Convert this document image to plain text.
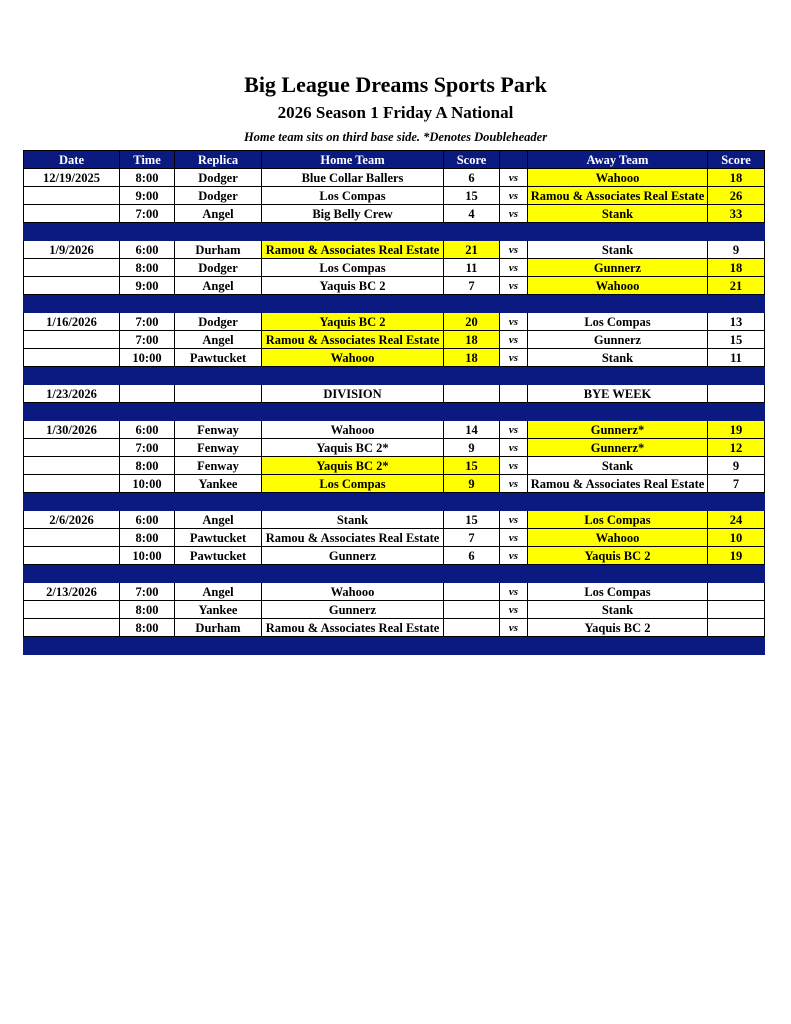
Big League Dreams Sports Park
2026 Season 1 Friday A National
Home team sits on third base side. *Denotes Doubleheader
Date	Time	Replica	Home Team	Score		Away Team	Score
12/19/2025	8:00	Dodger	Blue Collar Ballers	6	vs	Wahooo	18
	9:00	Dodger	Los Compas	15	vs	Ramou & Associates Real Estate	26
	7:00	Angel	Big Belly Crew	4	vs	Stank	33

1/9/2026	6:00	Durham	Ramou & Associates Real Estate	21	vs	Stank	9
	8:00	Dodger	Los Compas	11	vs	Gunnerz	18
	9:00	Angel	Yaquis BC 2	7	vs	Wahooo	21

1/16/2026	7:00	Dodger	Yaquis BC 2	20	vs	Los Compas	13
	7:00	Angel	Ramou & Associates Real Estate	18	vs	Gunnerz	15
	10:00	Pawtucket	Wahooo	18	vs	Stank	11

1/23/2026			DIVISION			BYE WEEK	

1/30/2026	6:00	Fenway	Wahooo	14	vs	Gunnerz*	19
	7:00	Fenway	Yaquis BC 2*	9	vs	Gunnerz*	12
	8:00	Fenway	Yaquis BC 2*	15	vs	Stank	9
	10:00	Yankee	Los Compas	9	vs	Ramou & Associates Real Estate	7

2/6/2026	6:00	Angel	Stank	15	vs	Los Compas	24
	8:00	Pawtucket	Ramou & Associates Real Estate	7	vs	Wahooo	10
	10:00	Pawtucket	Gunnerz	6	vs	Yaquis BC 2	19

2/13/2026	7:00	Angel	Wahooo		vs	Los Compas	
	8:00	Yankee	Gunnerz		vs	Stank	
	8:00	Durham	Ramou & Associates Real Estate		vs	Yaquis BC 2	
